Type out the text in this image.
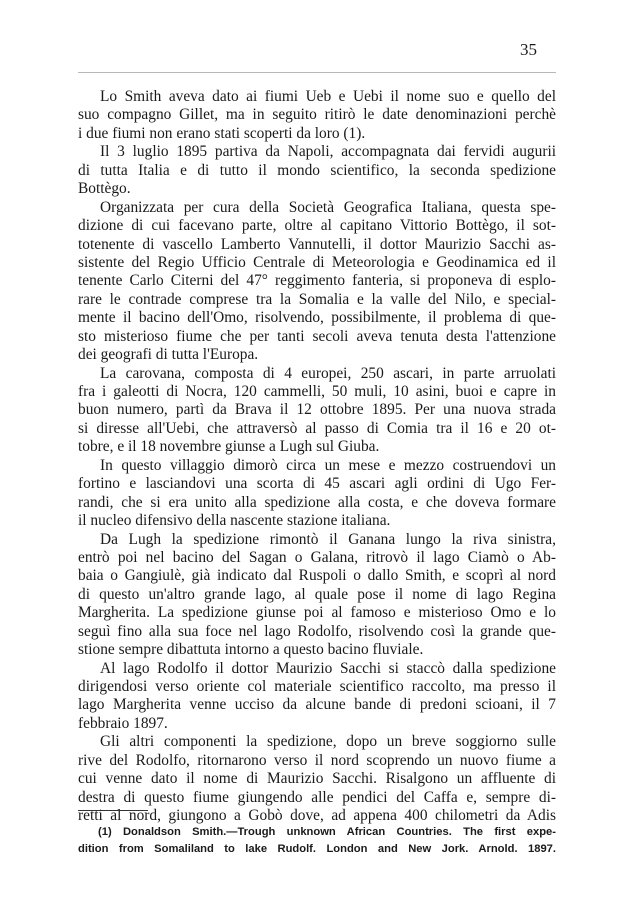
35
Lo Smith aveva dato ai fiumi Ueb e Uebi il nome suo e quello del
suo compagno Gillet, ma in seguito ritirò le date denominazioni perchè
i due fiumi non erano stati scoperti da loro (1).
Il 3 luglio 1895 partiva da Napoli, accompagnata dai fervidi augurii
di tutta Italia e di tutto il mondo scientifico, la seconda spedizione
Bottègo.
Organizzata per cura della Società Geografica Italiana, questa spe-
dizione di cui facevano parte, oltre al capitano Vittorio Bottègo, il sot-
totenente di vascello Lamberto Vannutelli, il dottor Maurizio Sacchi as-
sistente del Regio Ufficio Centrale di Meteorologia e Geodinamica ed il
tenente Carlo Citerni del 47° reggimento fanteria, si proponeva di esplo-
rare le contrade comprese tra la Somalia e la valle del Nilo, e special-
mente il bacino dell'Omo, risolvendo, possibilmente, il problema di que-
sto misterioso fiume che per tanti secoli aveva tenuta desta l'attenzione
dei geografi di tutta l'Europa.
La carovana, composta di 4 europei, 250 ascari, in parte arruolati
fra i galeotti di Nocra, 120 cammelli, 50 muli, 10 asini, buoi e capre in
buon numero, partì da Brava il 12 ottobre 1895. Per una nuova strada
si diresse all'Uebi, che attraversò al passo di Comia tra il 16 e 20 ot-
tobre, e il 18 novembre giunse a Lugh sul Giuba.
In questo villaggio dimorò circa un mese e mezzo costruendovi un
fortino e lasciandovi una scorta di 45 ascari agli ordini di Ugo Fer-
randi, che si era unito alla spedizione alla costa, e che doveva formare
il nucleo difensivo della nascente stazione italiana.
Da Lugh la spedizione rimontò il Ganana lungo la riva sinistra,
entrò poi nel bacino del Sagan o Galana, ritrovò il lago Ciamò o Ab-
baia o Gangiulè, già indicato dal Ruspoli o dallo Smith, e scoprì al nord
di questo un'altro grande lago, al quale pose il nome di lago Regina
Margherita. La spedizione giunse poi al famoso e misterioso Omo e lo
seguì fino alla sua foce nel lago Rodolfo, risolvendo così la grande que-
stione sempre dibattuta intorno a questo bacino fluviale.
Al lago Rodolfo il dottor Maurizio Sacchi si staccò dalla spedizione
dirigendosi verso oriente col materiale scientifico raccolto, ma presso il
lago Margherita venne ucciso da alcune bande di predoni scioani, il 7
febbraio 1897.
Gli altri componenti la spedizione, dopo un breve soggiorno sulle
rive del Rodolfo, ritornarono verso il nord scoprendo un nuovo fiume a
cui venne dato il nome di Maurizio Sacchi. Risalgono un affluente di
destra di questo fiume giungendo alle pendici del Caffa e, sempre di-
retti al nord, giungono a Gobò dove, ad appena 400 chilometri da Adis
(1) Donaldson Smith.—Trough unknown African Countries. The first expe-
dition from Somaliland to lake Rudolf. London and New Jork. Arnold. 1897.
